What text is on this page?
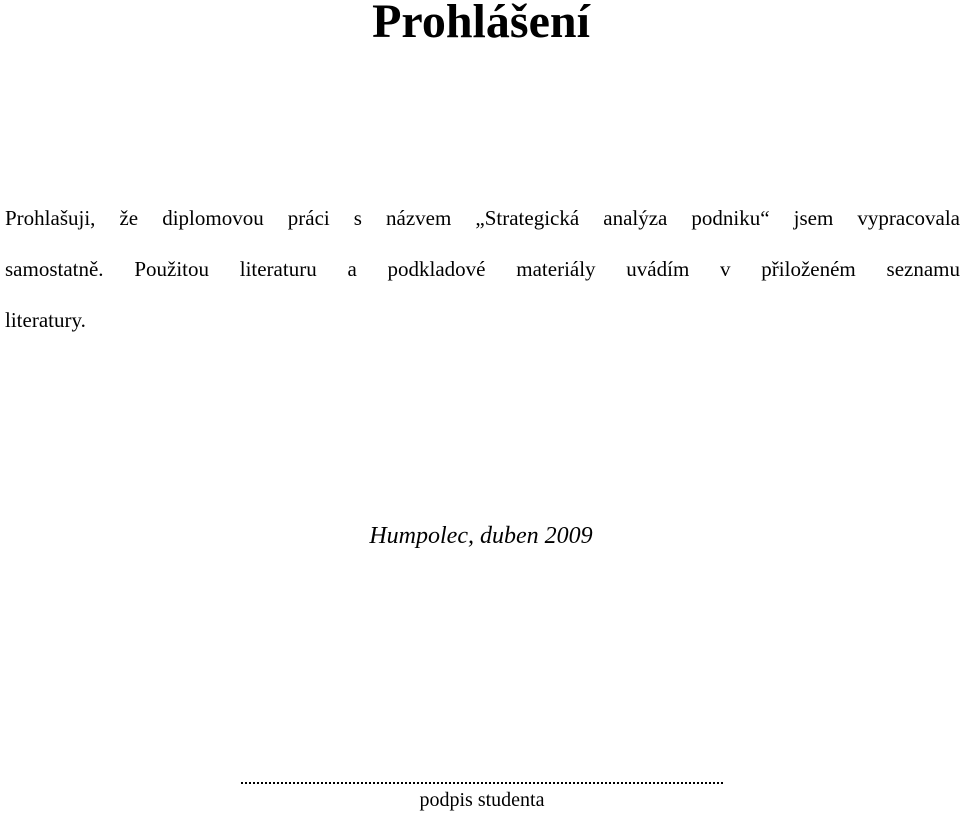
Prohlášení
Prohlašuji, že diplomovou práci s názvem „Strategická analýza podniku“ jsem vypracovala
samostatně. Použitou literaturu a podkladové materiály uvádím v přiloženém seznamu
literatury.

Humpolec, duben 2009

podpis studenta
